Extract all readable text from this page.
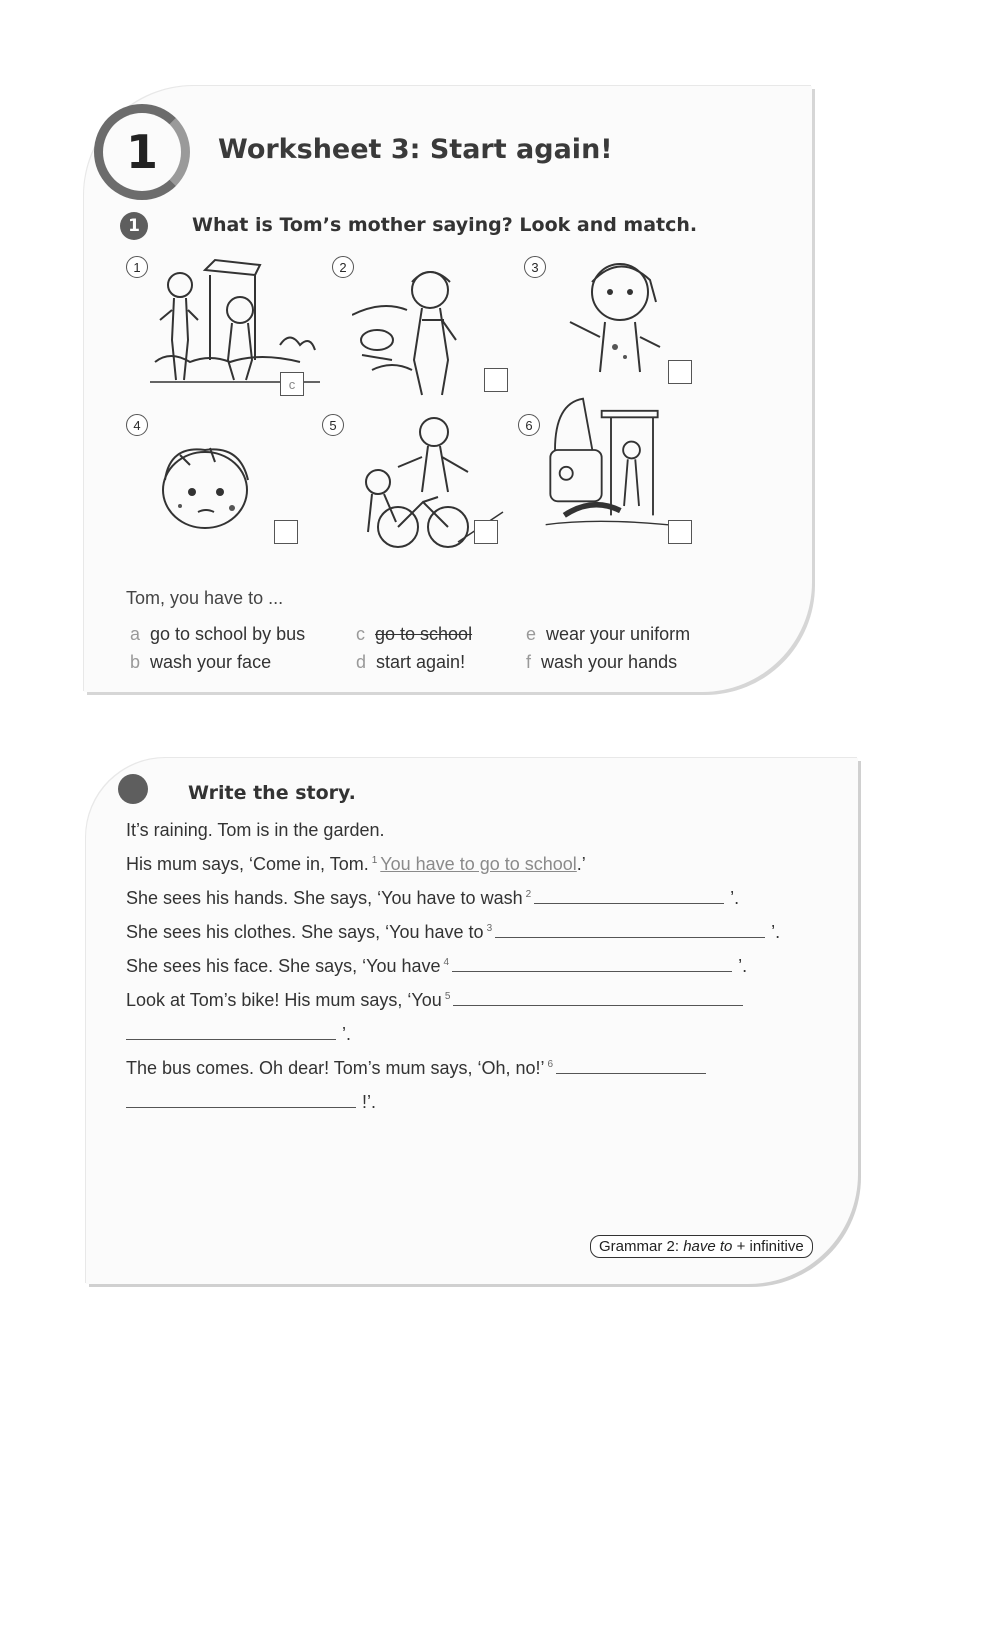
1 Worksheet 3: Start again!
1	What is Tom’s mother saying? Look and match.
1
c
2	3
4	5	6
Tom, you have to ...
a go to school by bus
b wash your face
c go to school
d start again!
e wear your uniform
f wash your hands
Write the story.
It’s raining. Tom is in the garden.
His mum says, ‘Come in, Tom. $^1$ You have to go to school.’
She sees his hands. She says, ‘You have to wash $^2$	’.
She sees his clothes. She says, ‘You have to $^3$	’.
She sees his face. She says, ‘You have $^4$	’.
Look at Tom’s bike! His mum says, ‘You $^5$
’.
The bus comes. Oh dear! Tom’s mum says, ‘Oh, no!’ $^6$
!’.
Grammar 2: have to + infinitive
